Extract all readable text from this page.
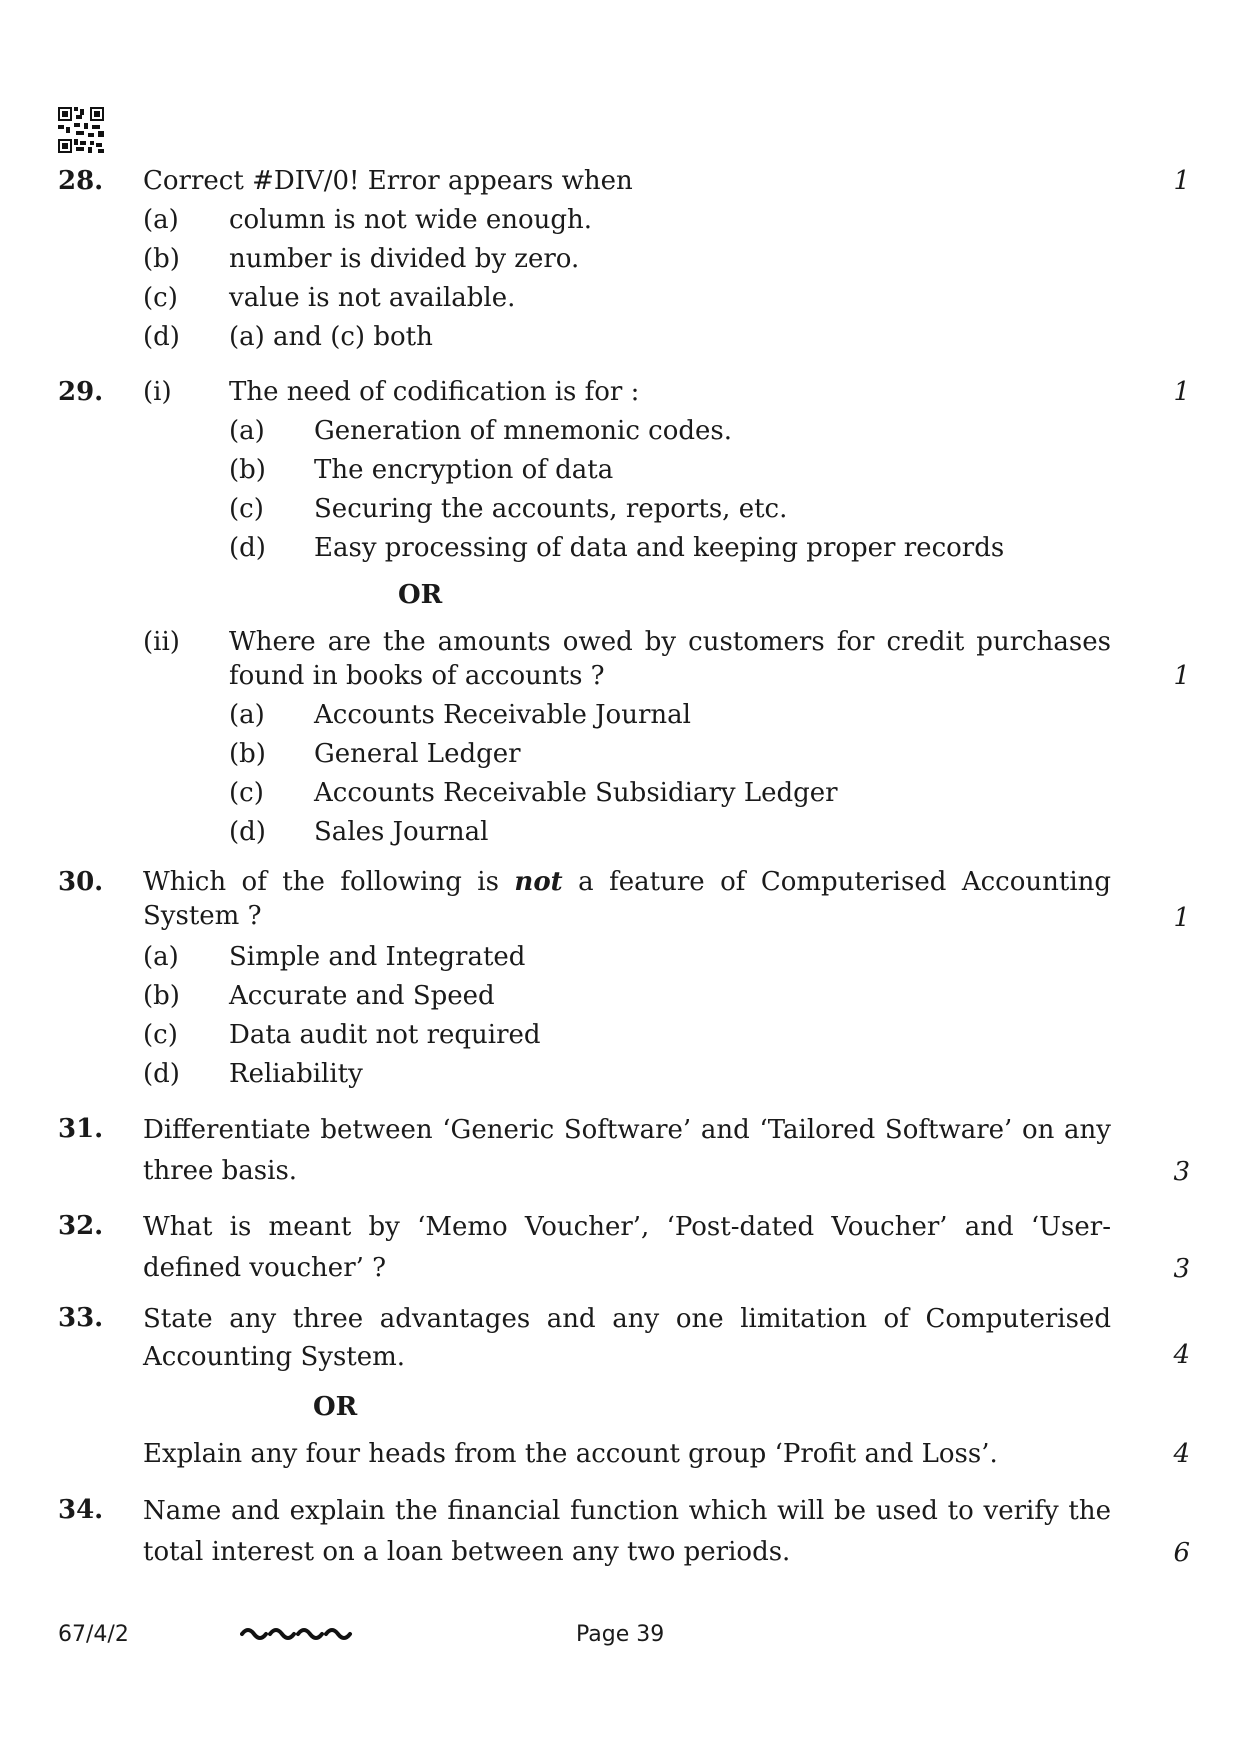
28. Correct #DIV/0! Error appears when	1
(a) column is not wide enough.
(b) number is divided by zero.
(c) value is not available.
(d) (a) and (c) both
29. (i) The need of codification is for :	1
(a) Generation of mnemonic codes.
(b) The encryption of data
(c) Securing the accounts, reports, etc.
(d) Easy processing of data and keeping proper records
OR
(ii) Where are the amounts owed by customers for credit purchases found in books of accounts ?	1
(a) Accounts Receivable Journal
(b) General Ledger
(c) Accounts Receivable Subsidiary Ledger
(d) Sales Journal
30. Which of the following is not a feature of Computerised Accounting System ?	1
(a) Simple and Integrated
(b) Accurate and Speed
(c) Data audit not required
(d) Reliability
31. Differentiate between ‘Generic Software’ and ‘Tailored Software’ on any three basis.	3
32. What is meant by ‘Memo Voucher’, ‘Post-dated Voucher’ and ‘User-defined voucher’ ?	3
33. State any three advantages and any one limitation of Computerised Accounting System.	4
OR
Explain any four heads from the account group ‘Profit and Loss’.	4
34. Name and explain the financial function which will be used to verify the total interest on a loan between any two periods.	6
67/4/2	Page 39
